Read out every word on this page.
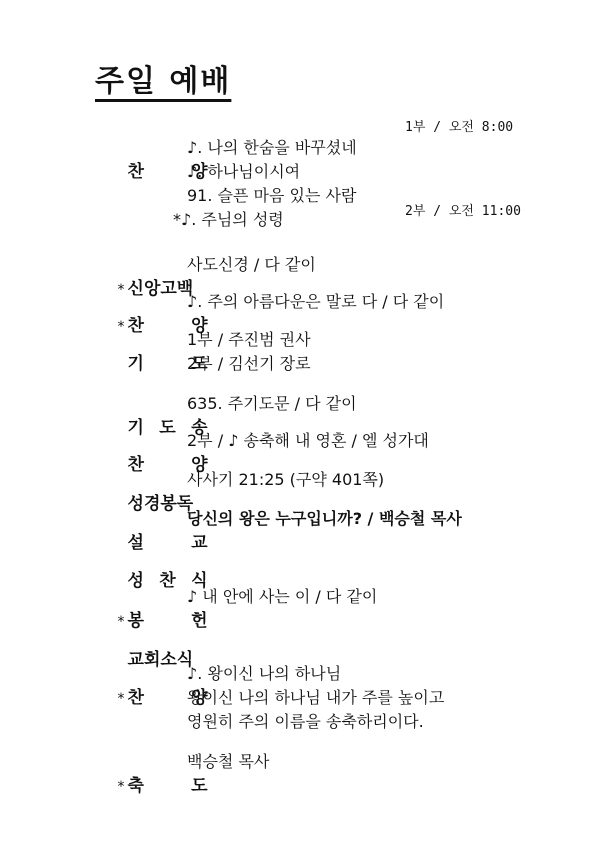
주일 예배

1부 / 오전 8:00

2부 / 오전 11:00

찬　양

♪. 나의 한숨을 바꾸셨네
♪. 하나님이시여
91. 슬픈 마음 있는 사람
*♪. 주님의 성령

* 신앙고백

사도신경 / 다 같이

* 찬　양

♪. 주의 아름다운은 말로 다 / 다 같이

기　도

1부 / 주진범 권사
2부 / 김선기 장로

기 도 송

635. 주기도문 / 다 같이

찬　양

2부 / ♪ 송축해 내 영혼 / 엘 성가대

성경봉독

사사기 21:25 (구약 401쪽)

설　교

당신의 왕은 누구입니까? / 백승철 목사

성 찬 식

* 봉　헌

♪ 내 안에 사는 이 / 다 같이

교회소식

* 찬　양

♪. 왕이신 나의 하나님
왕이신 나의 하나님 내가 주를 높이고
영원히 주의 이름을 송축하리이다.

* 축　도

백승철 목사
